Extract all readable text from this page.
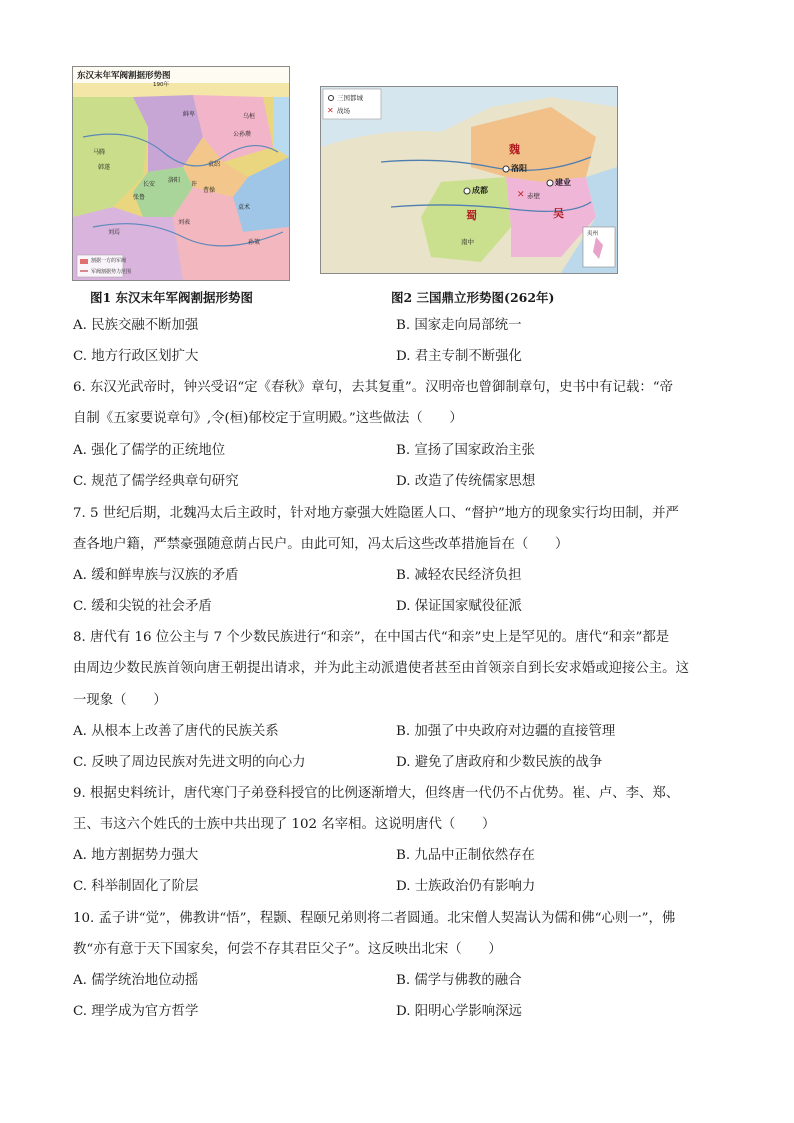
东汉末年军阀割据形势图
190年
割据一方的军阀
军阀割据势力范围
鲜卑	乌桓
公孙瓒
袁绍
曹操
刘表
孙策
刘焉
马腾
韩遂
张鲁
袁术
洛阳
长安	许
图1 东汉末年军阀割据形势图
✕
✕
三国都城
战场
魏
蜀	吴
洛阳
成都
建业
赤壁
南中
夷州
图2 三国鼎立形势图(262年)
A. 民族交融不断加强	B. 国家走向局部统一
C. 地方行政区划扩大	D. 君主专制不断强化
6. 东汉光武帝时，钟兴受诏“定《春秋》章句，去其复重”。汉明帝也曾御制章句，史书中有记载：“帝
自制《五家要说章句》,令(桓)郁校定于宣明殿。”这些做法（　　）
A. 强化了儒学的正统地位	B. 宣扬了国家政治主张
C. 规范了儒学经典章句研究	D. 改造了传统儒家思想
7. 5 世纪后期，北魏冯太后主政时，针对地方豪强大姓隐匿人口、“督护”地方的现象实行均田制，并严
查各地户籍，严禁豪强随意荫占民户。由此可知，冯太后这些改革措施旨在（　　）
A. 缓和鲜卑族与汉族的矛盾	B. 减轻农民经济负担
C. 缓和尖锐的社会矛盾	D. 保证国家赋役征派
8. 唐代有 16 位公主与 7 个少数民族进行“和亲”，在中国古代“和亲”史上是罕见的。唐代“和亲”都是
由周边少数民族首领向唐王朝提出请求，并为此主动派遣使者甚至由首领亲自到长安求婚或迎接公主。这
一现象（　　）
A. 从根本上改善了唐代的民族关系	B. 加强了中央政府对边疆的直接管理
C. 反映了周边民族对先进文明的向心力	D. 避免了唐政府和少数民族的战争
9. 根据史料统计，唐代寒门子弟登科授官的比例逐渐增大，但终唐一代仍不占优势。崔、卢、李、郑、
王、韦这六个姓氏的士族中共出现了 102 名宰相。这说明唐代（　　）
A. 地方割据势力强大	B. 九品中正制依然存在
C. 科举制固化了阶层	D. 士族政治仍有影响力
10. 孟子讲“觉”，佛教讲“悟”，程颢、程颐兄弟则将二者圆通。北宋僧人契嵩认为儒和佛“心则一”，佛
教“亦有意于天下国家矣，何尝不存其君臣父子”。这反映出北宋（　　）
A. 儒学统治地位动摇	B. 儒学与佛教的融合
C. 理学成为官方哲学	D. 阳明心学影响深远
